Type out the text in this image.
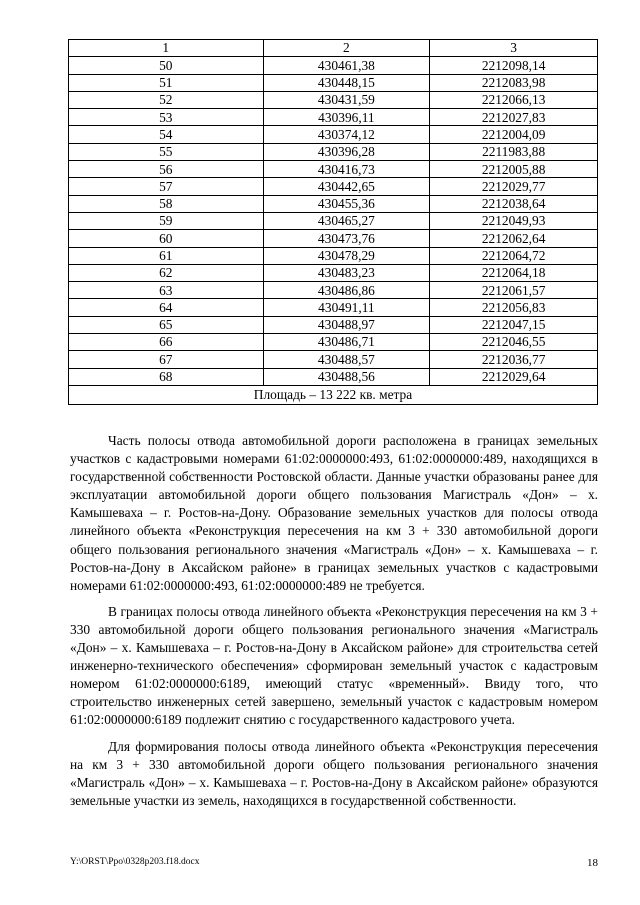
1	2	3
50	430461,38	2212098,14
51	430448,15	2212083,98
52	430431,59	2212066,13
53	430396,11	2212027,83
54	430374,12	2212004,09
55	430396,28	2211983,88
56	430416,73	2212005,88
57	430442,65	2212029,77
58	430455,36	2212038,64
59	430465,27	2212049,93
60	430473,76	2212062,64
61	430478,29	2212064,72
62	430483,23	2212064,18
63	430486,86	2212061,57
64	430491,11	2212056,83
65	430488,97	2212047,15
66	430486,71	2212046,55
67	430488,57	2212036,77
68	430488,56	2212029,64
Площадь – 13 222 кв. метра		

Часть полосы отвода автомобильной дороги расположена в границах земельных участков с кадастровыми номерами 61:02:0000000:493, 61:02:0000000:489, находящихся в государственной собственности Ростовской области. Данные участки образованы ранее для эксплуатации автомобильной дороги общего пользования Магистраль «Дон» – х. Камышеваха – г. Ростов-на-Дону. Образование земельных участков для полосы отвода линейного объекта «Реконструкция пересечения на км 3 + 330 автомобильной дороги общего пользования регионального значения «Магистраль «Дон» – х. Камышеваха – г. Ростов-на-Дону в Аксайском районе» в границах земельных участков с кадастровыми номерами 61:02:0000000:493, 61:02:0000000:489 не требуется.

В границах полосы отвода линейного объекта «Реконструкция пересечения на км 3 + 330 автомобильной дороги общего пользования регионального значения «Магистраль «Дон» – х. Камышеваха – г. Ростов-на-Дону в Аксайском районе» для строительства сетей инженерно-технического обеспечения» сформирован земельный участок с кадастровым номером 61:02:0000000:6189, имеющий статус «временный». Ввиду того, что строительство инженерных сетей завершено, земельный участок с кадастровым номером 61:02:0000000:6189 подлежит снятию с государственного кадастрового учета.

Для формирования полосы отвода линейного объекта «Реконструкция пересечения на км 3 + 330 автомобильной дороги общего пользования регионального значения «Магистраль «Дон» – х. Камышеваха – г. Ростов-на-Дону в Аксайском районе» образуются земельные участки из земель, находящихся в государственной собственности.

Y:\ORST\Ppo\0328p203.f18.docx	18
